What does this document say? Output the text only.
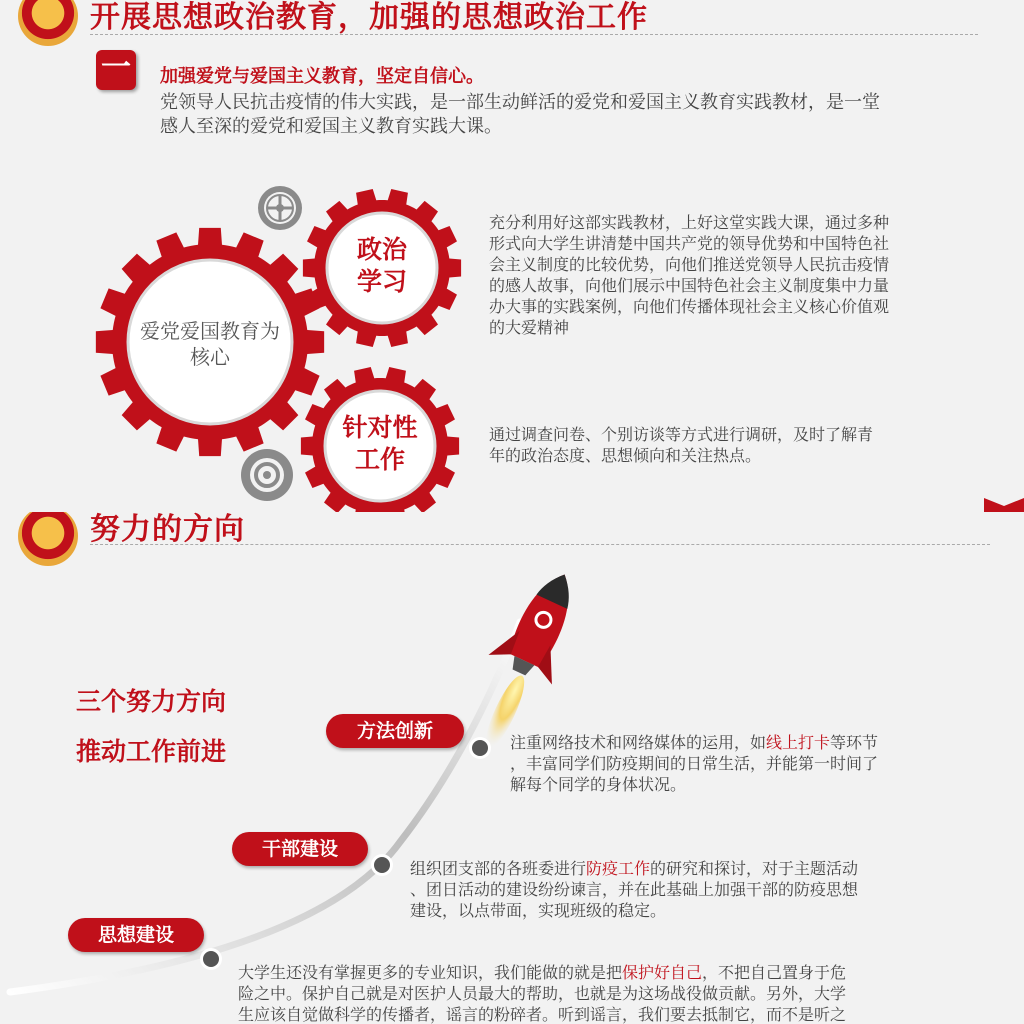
开展思想政治教育，加强的思想政治工作
一 加强爱党与爱国主义教育，坚定自信心。
党领导人民抗击疫情的伟大实践，是一部生动鲜活的爱党和爱国主义教育实践教材，是一堂
感人至深的爱党和爱国主义教育实践大课。
爱党爱国教育为
核心
政治
学习
针对性
工作
充分利用好这部实践教材，上好这堂实践大课，通过多种
形式向大学生讲清楚中国共产党的领导优势和中国特色社
会主义制度的比较优势，向他们推送党领导人民抗击疫情
的感人故事，向他们展示中国特色社会主义制度集中力量
办大事的实践案例，向他们传播体现社会主义核心价值观
的大爱精神
通过调查问卷、个别访谈等方式进行调研，及时了解青
年的政治态度、思想倾向和关注热点。
努力的方向
三个努力方向
推动工作前进
方法创新
干部建设
思想建设
注重网络技术和网络媒体的运用，如线上打卡等环节
，丰富同学们防疫期间的日常生活，并能第一时间了
解每个同学的身体状况。
组织团支部的各班委进行防疫工作的研究和探讨，对于主题活动
、团日活动的建设纷纷谏言，并在此基础上加强干部的防疫思想
建设，以点带面，实现班级的稳定。
大学生还没有掌握更多的专业知识，我们能做的就是把保护好自己，不把自己置身于危
险之中。保护自己就是对医护人员最大的帮助，也就是为这场战役做贡献。另外，大学
生应该自觉做科学的传播者，谣言的粉碎者。听到谣言，我们要去抵制它，而不是听之
